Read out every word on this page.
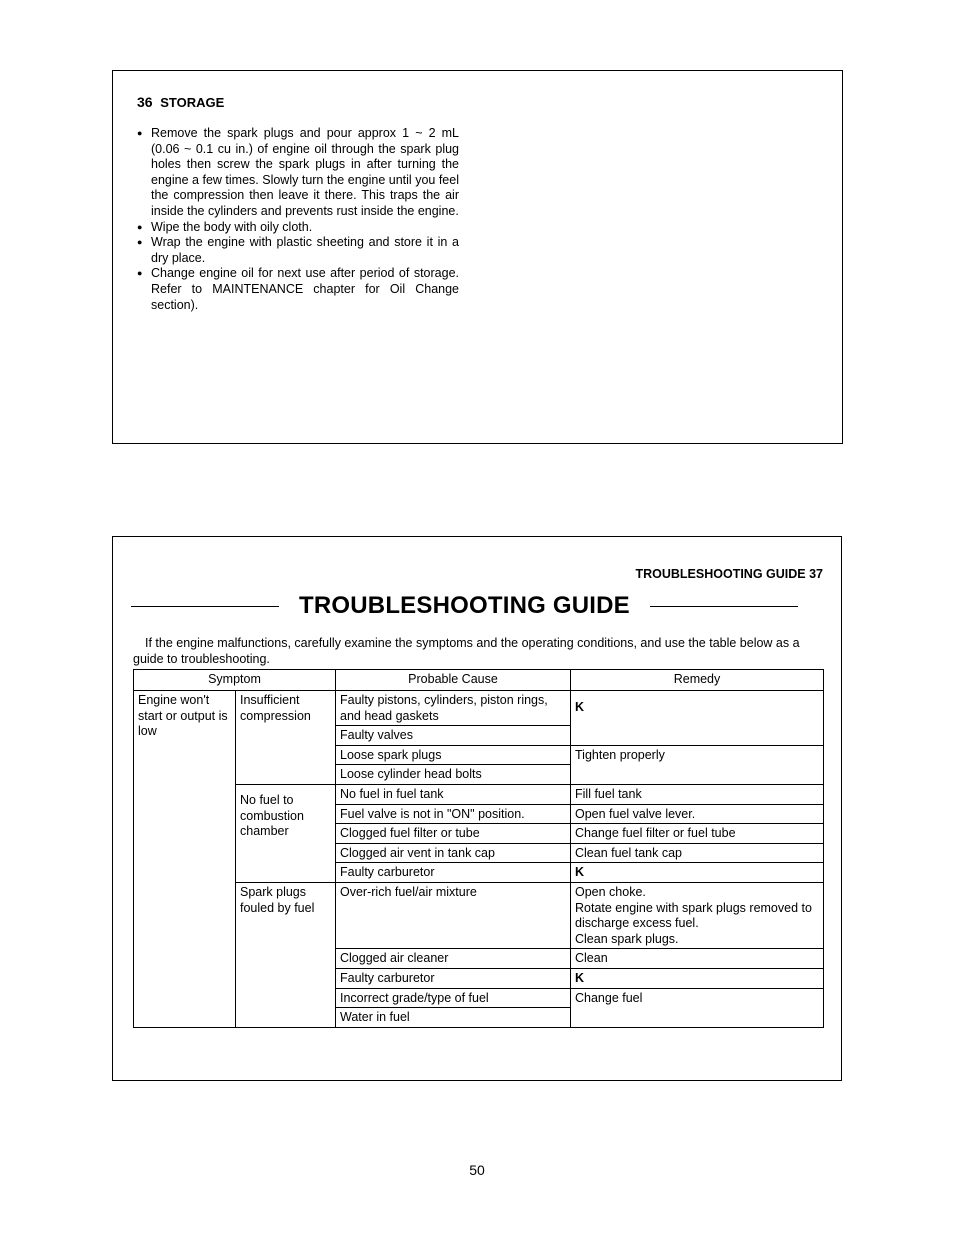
36 STORAGE
● Remove the spark plugs and pour approx 1 ~ 2 mL (0.06 ~ 0.1 cu in.) of engine oil through the spark plug holes then screw the spark plugs in after turning the engine a few times. Slowly turn the engine until you feel the compression then leave it there. This traps the air inside the cylinders and prevents rust inside the engine.
● Wipe the body with oily cloth.
● Wrap the engine with plastic sheeting and store it in a dry place.
● Change engine oil for next use after period of storage. Refer to MAINTENANCE chapter for Oil Change section).
TROUBLESHOOTING GUIDE 37
TROUBLESHOOTING GUIDE
If the engine malfunctions, carefully examine the symptoms and the operating conditions, and use the table below as a guide to troubleshooting.
Symptom		Probable Cause	Remedy
Engine won't start or output is low	Insufficient compression	Faulty pistons, cylinders, piston rings, and head gaskets	K
		Faulty valves	
		Loose spark plugs	Tighten properly
		Loose cylinder head bolts	
	No fuel to combustion chamber	No fuel in fuel tank	Fill fuel tank
		Fuel valve is not in "ON" position.	Open fuel valve lever.
		Clogged fuel filter or tube	Change fuel filter or fuel tube
		Clogged air vent in tank cap	Clean fuel tank cap
		Faulty carburetor	K
	Spark plugs fouled by fuel	Over-rich fuel/air mixture	Open choke.
Rotate engine with spark plugs removed to discharge excess fuel.
Clean spark plugs.

		Clogged air cleaner	Clean
		Faulty carburetor	K
		Incorrect grade/type of fuel	Change fuel
		Water in fuel	
50
